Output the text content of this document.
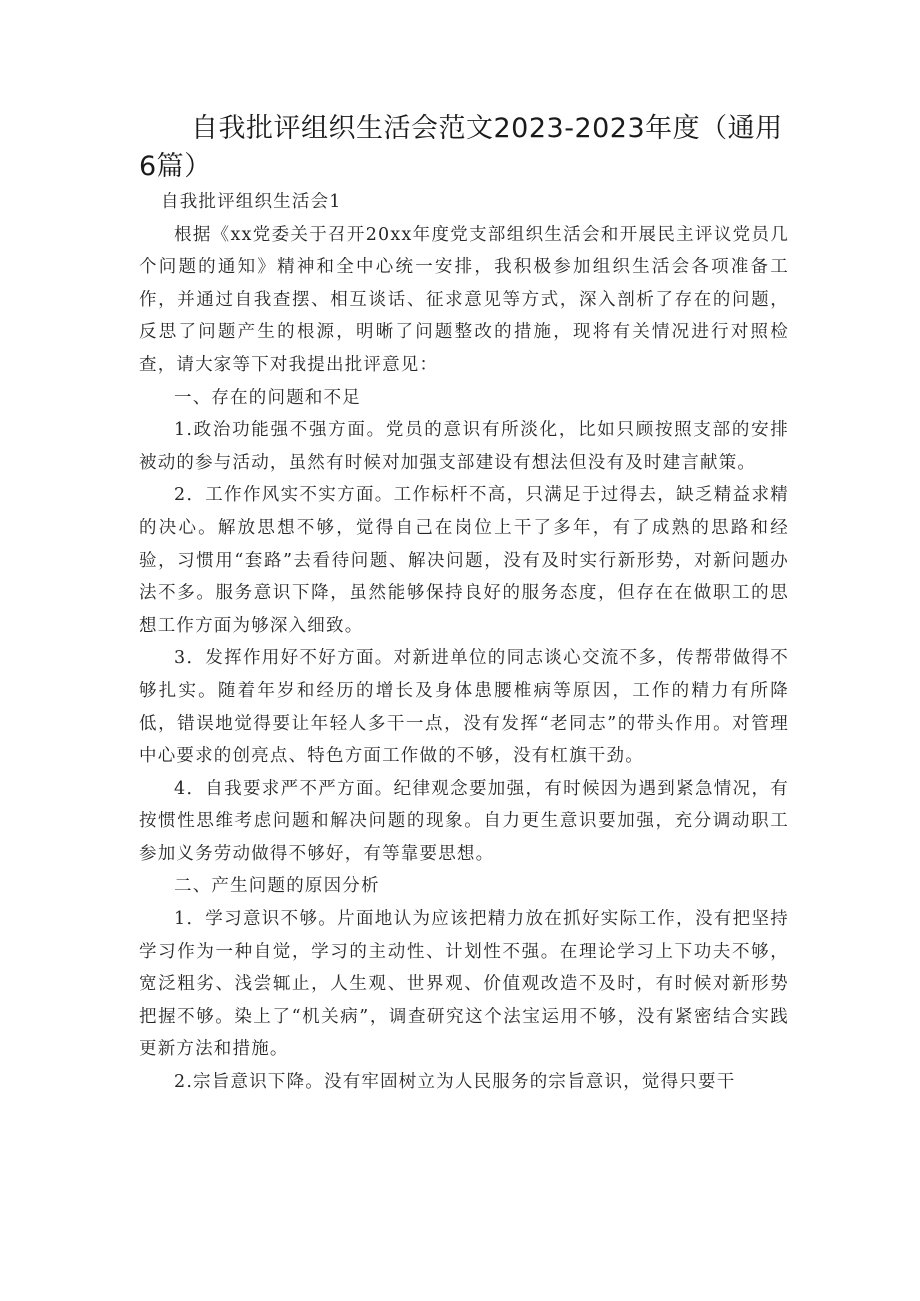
自我批评组织生活会范文2023-2023年度（通用6篇）

自我批评组织生活会1

根据《xx党委关于召开20xx年度党支部组织生活会和开展民主评议党员几个问题的通知》精神和全中心统一安排，我积极参加组织生活会各项准备工作，并通过自我查摆、相互谈话、征求意见等方式，深入剖析了存在的问题，反思了问题产生的根源，明晰了问题整改的措施，现将有关情况进行对照检查，请大家等下对我提出批评意见：

一、存在的问题和不足

1.政治功能强不强方面。党员的意识有所淡化，比如只顾按照支部的安排被动的参与活动，虽然有时候对加强支部建设有想法但没有及时建言献策。

2．工作作风实不实方面。工作标杆不高，只满足于过得去，缺乏精益求精的决心。解放思想不够，觉得自己在岗位上干了多年，有了成熟的思路和经验，习惯用“套路”去看待问题、解决问题，没有及时实行新形势，对新问题办法不多。服务意识下降，虽然能够保持良好的服务态度，但存在在做职工的思想工作方面为够深入细致。

3．发挥作用好不好方面。对新进单位的同志谈心交流不多，传帮带做得不够扎实。随着年岁和经历的增长及身体患腰椎病等原因，工作的精力有所降低，错误地觉得要让年轻人多干一点，没有发挥“老同志”的带头作用。对管理中心要求的创亮点、特色方面工作做的不够，没有杠旗干劲。

4．自我要求严不严方面。纪律观念要加强，有时候因为遇到紧急情况，有按惯性思维考虑问题和解决问题的现象。自力更生意识要加强，充分调动职工参加义务劳动做得不够好，有等靠要思想。

二、产生问题的原因分析

1．学习意识不够。片面地认为应该把精力放在抓好实际工作，没有把坚持学习作为一种自觉，学习的主动性、计划性不强。在理论学习上下功夫不够，宽泛粗劣、浅尝辄止，人生观、世界观、价值观改造不及时，有时候对新形势把握不够。染上了“机关病”，调查研究这个法宝运用不够，没有紧密结合实践更新方法和措施。

2.宗旨意识下降。没有牢固树立为人民服务的宗旨意识，觉得只要干
